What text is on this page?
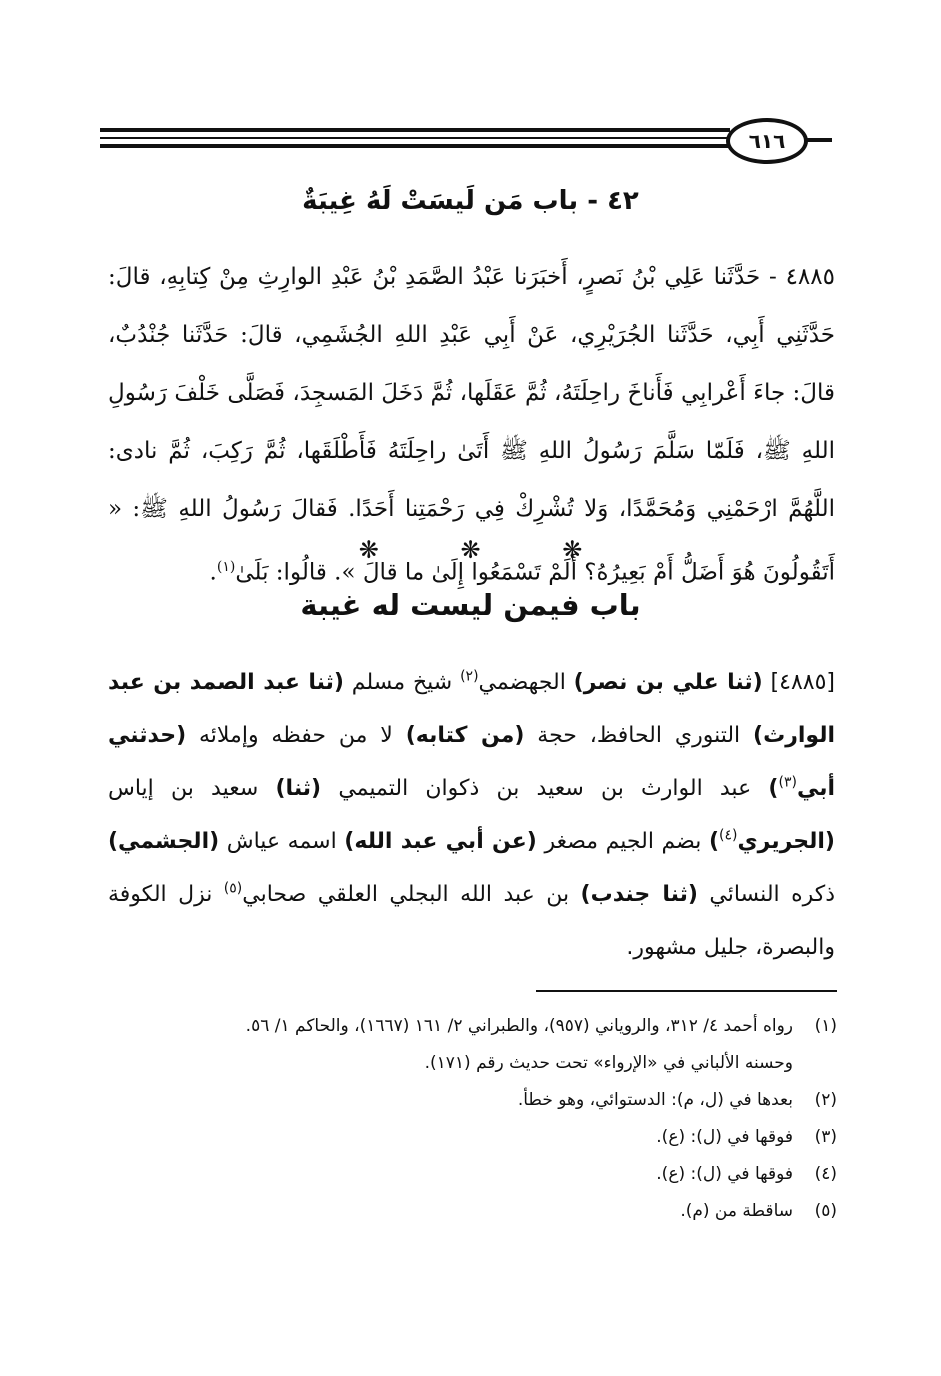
٦١٦
٤٢ - باب مَن لَيسَتْ لَهُ غِيبَةٌ
٤٨٨٥ - حَدَّثَنا عَلِي بْنُ نَصرٍ، أَخبَرَنا عَبْدُ الصَّمَدِ بْنُ عَبْدِ الوارِثِ مِنْ كِتابِهِ، قالَ: حَدَّثَنِي أَبِي، حَدَّثَنا الجُرَيْرِي، عَنْ أَبِي عَبْدِ اللهِ الجُشَمِي، قالَ: حَدَّثَنا جُنْدُبٌ، قالَ: جاءَ أَعْرابِي فَأَناخَ راحِلَتَهُ، ثُمَّ عَقَلَها، ثُمَّ دَخَلَ المَسجِدَ، فَصَلَّى خَلْفَ رَسُولِ اللهِ ﷺ، فَلَمّا سَلَّمَ رَسُولُ اللهِ ﷺ أَتَىٰ راحِلَتَهُ فَأَطْلَقَها، ثُمَّ رَكِبَ، ثُمَّ نادى: اللَّهُمَّ ارْحَمْنِي وَمُحَمَّدًا، وَلا تُشْرِكْ فِي رَحْمَتِنا أَحَدًا. فَقالَ رَسُولُ اللهِ ﷺ: « أَتَقُولُونَ هُوَ أَضَلُّ أَمْ بَعِيرُهُ؟ أَلَمْ تَسْمَعُوا إِلَىٰ ما قالَ ». قالُوا: بَلَىٰ$^{(١)}$.
❋ ❋ ❋
باب فيمن ليست له غيبة
[٤٨٨٥] (ثنا علي بن نصر) الجهضمي$^{(٢)}$ شيخ مسلم (ثنا عبد الصمد بن عبد الوارث) التنوري الحافظ، حجة (من كتابه) لا من حفظه وإملائه (حدثني أبي$^{(٣)}$) عبد الوارث بن سعيد بن ذكوان التميمي (ثنا) سعيد بن إياس (الجريري$^{(٤)}$) بضم الجيم مصغر (عن أبي عبد الله) اسمه عياش (الجشمي) ذكره النسائي (ثنا جندب) بن عبد الله البجلي العلقي صحابي$^{(٥)}$ نزل الكوفة والبصرة، جليل مشهور.
(١)
رواه أحمد ٤/ ٣١٢، والروياني (٩٥٧)، والطبراني ٢/ ١٦١ (١٦٦٧)، والحاكم ١/ ٥٦.
وحسنه الألباني في «الإرواء» تحت حديث رقم (١٧١).
(٢)
بعدها في (ل، م): الدستوائي، وهو خطأ.
(٣)
فوقها في (ل): (ع).
(٤)
فوقها في (ل): (ع).
(٥)
ساقطة من (م).
